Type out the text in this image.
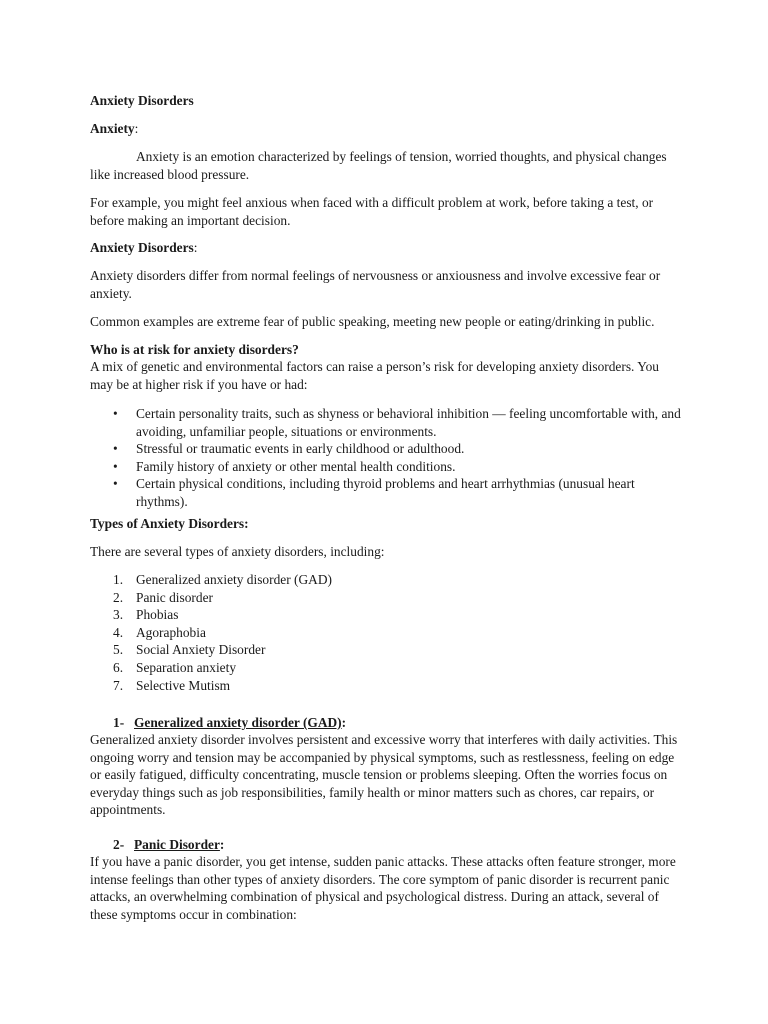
Anxiety Disorders

Anxiety:

Anxiety is an emotion characterized by feelings of tension, worried thoughts, and physical changes like increased blood pressure.

For example, you might feel anxious when faced with a difficult problem at work, before taking a test, or before making an important decision.

Anxiety Disorders:

Anxiety disorders differ from normal feelings of nervousness or anxiousness and involve excessive fear or anxiety.

Common examples are extreme fear of public speaking, meeting new people or eating/drinking in public.

Who is at risk for anxiety disorders?

A mix of genetic and environmental factors can raise a person’s risk for developing anxiety disorders. You may be at higher risk if you have or had:

• Certain personality traits, such as shyness or behavioral inhibition — feeling uncomfortable with, and avoiding, unfamiliar people, situations or environments.
• Stressful or traumatic events in early childhood or adulthood.
• Family history of anxiety or other mental health conditions.
• Certain physical conditions, including thyroid problems and heart arrhythmias (unusual heart rhythms).

Types of Anxiety Disorders:

There are several types of anxiety disorders, including:

1. Generalized anxiety disorder (GAD)
2. Panic disorder
3. Phobias
4. Agoraphobia
5. Social Anxiety Disorder
6. Separation anxiety
7. Selective Mutism
1- Generalized anxiety disorder (GAD):

Generalized anxiety disorder involves persistent and excessive worry that interferes with daily activities. This ongoing worry and tension may be accompanied by physical symptoms, such as restlessness, feeling on edge or easily fatigued, difficulty concentrating, muscle tension or problems sleeping. Often the worries focus on everyday things such as job responsibilities, family health or minor matters such as chores, car repairs, or appointments.

2- Panic Disorder:

If you have a panic disorder, you get intense, sudden panic attacks. These attacks often feature stronger, more intense feelings than other types of anxiety disorders. The core symptom of panic disorder is recurrent panic attacks, an overwhelming combination of physical and psychological distress. During an attack, several of these symptoms occur in combination:
